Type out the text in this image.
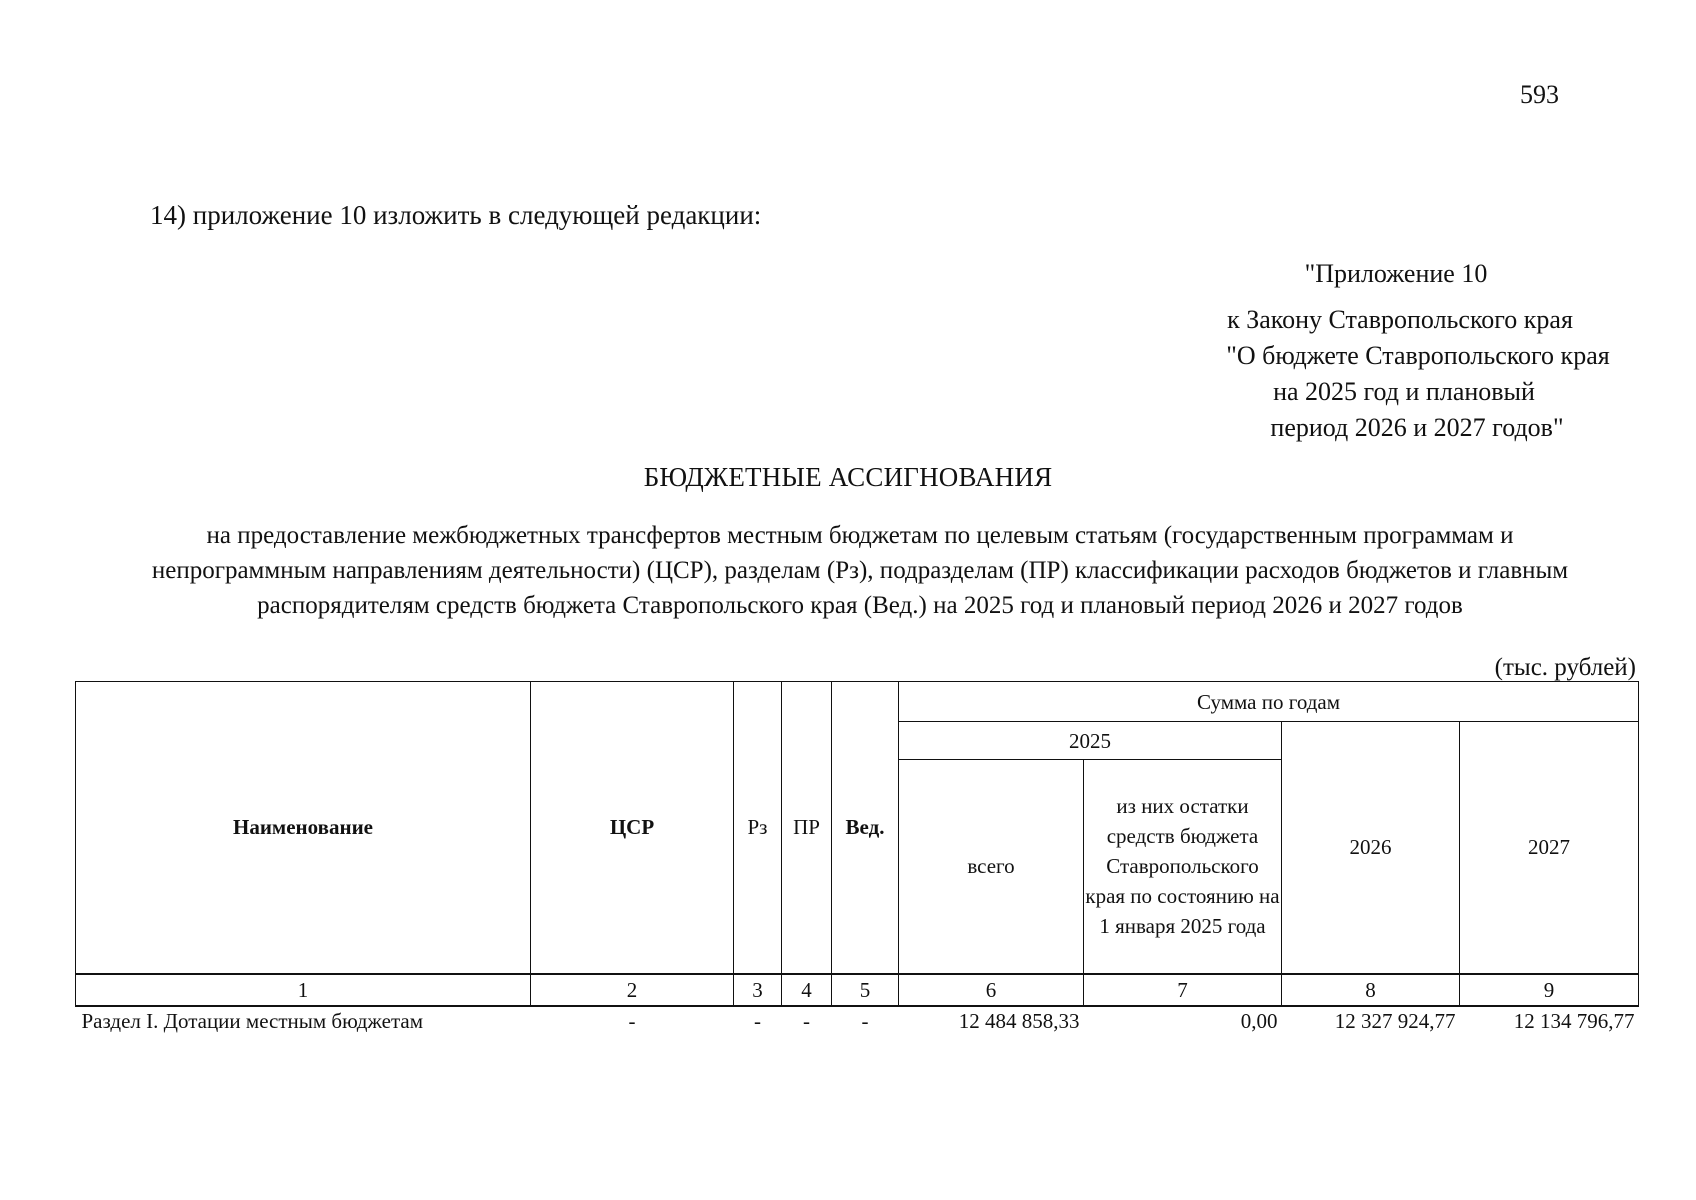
593
14) приложение 10 изложить в следующей редакции:
"Приложение 10
к Закону Ставропольского края
"О бюджете Ставропольского края
на 2025 год и плановый
период 2026 и 2027 годов"
БЮДЖЕТНЫЕ АССИГНОВАНИЯ
на предоставление межбюджетных трансфертов местным бюджетам по целевым статьям (государственным программам и непрограммным направлениям деятельности) (ЦСР), разделам (Рз), подразделам (ПР) классификации расходов бюджетов и главным распорядителям средств бюджета Ставропольского края (Вед.) на 2025 год и плановый период 2026 и 2027 годов
(тыс. рублей)
Наименование	ЦСР	Рз	ПР	Вед.	Сумма по годам			
					2025		2026	2027
					всего	из них остатки средств бюджета Ставропольского края по состоянию на 1 января 2025 года		

1	2	3	4	5	6	7	8	9
Раздел I. Дотации местным бюджетам	-	-	-	-	12 484 858,33	0,00	12 327 924,77	12 134 796,77
